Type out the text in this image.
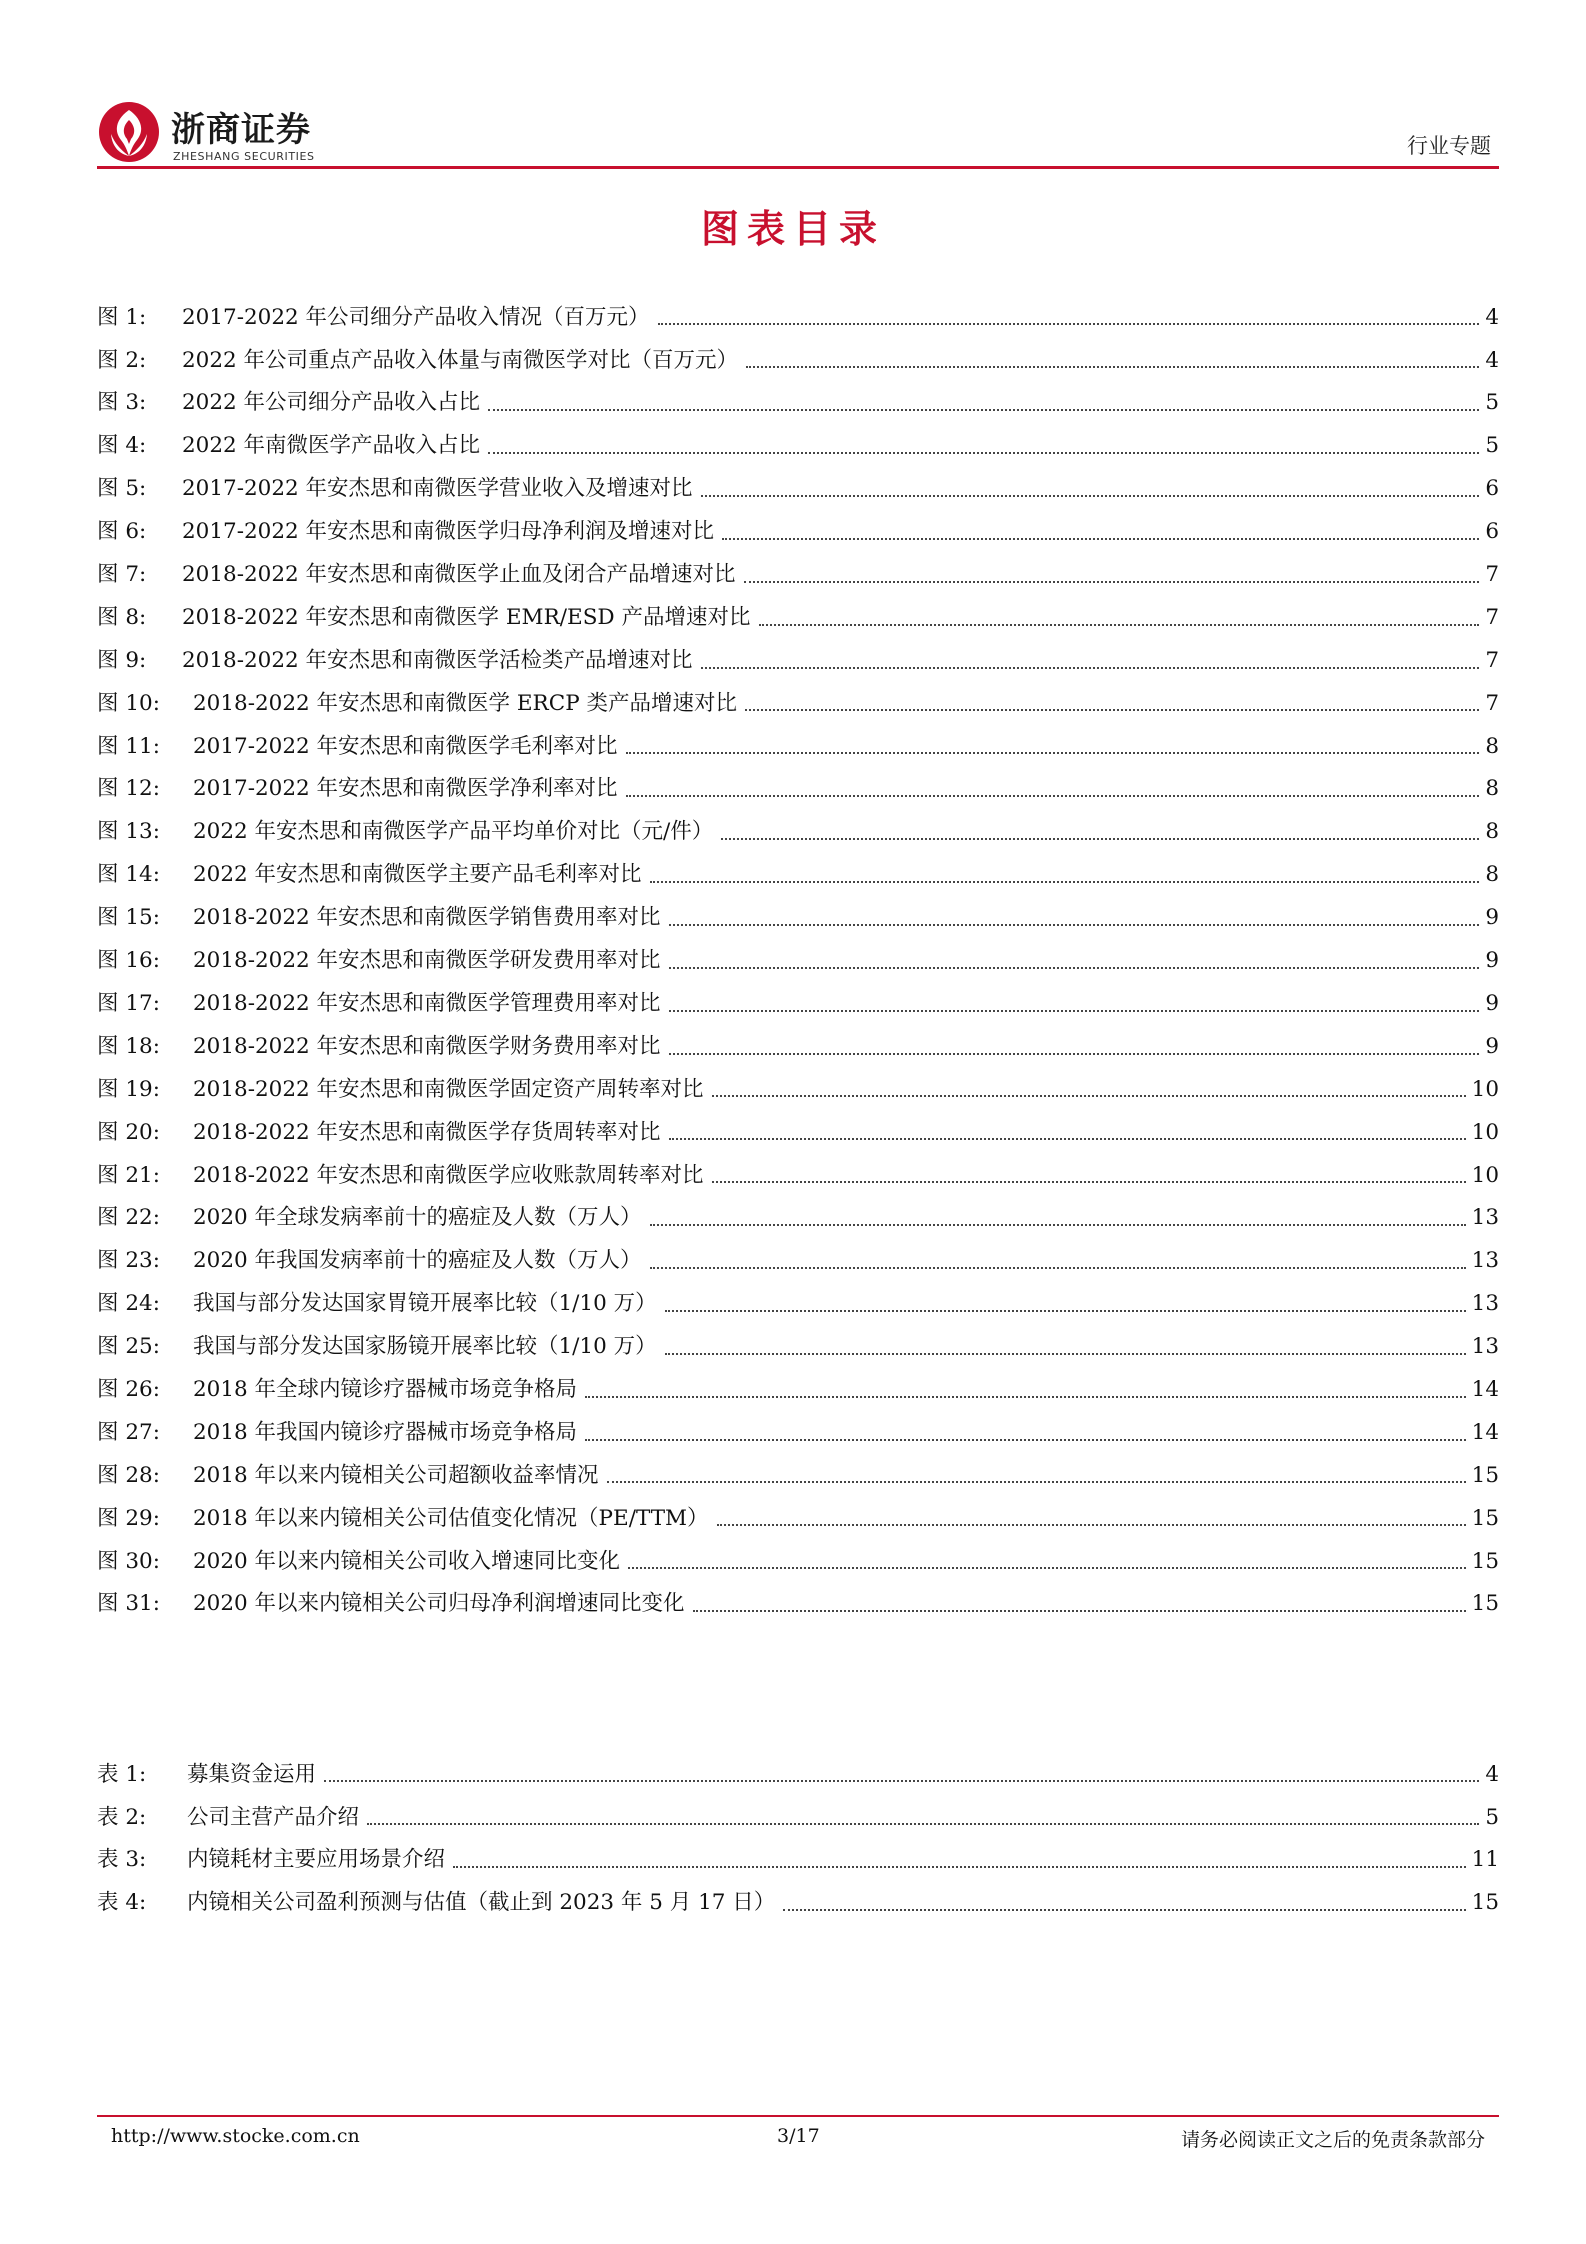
浙商证券
ZHESHANG SECURITIES	行业专题
图表目录
图 1:	2017-2022 年公司细分产品收入情况（百万元）	4
图 2:	2022 年公司重点产品收入体量与南微医学对比（百万元）	4
图 3:	2022 年公司细分产品收入占比	5
图 4:	2022 年南微医学产品收入占比	5
图 5:	2017-2022 年安杰思和南微医学营业收入及增速对比	6
图 6:	2017-2022 年安杰思和南微医学归母净利润及增速对比	6
图 7:	2018-2022 年安杰思和南微医学止血及闭合产品增速对比	7
图 8:	2018-2022 年安杰思和南微医学 EMR/ESD 产品增速对比	7
图 9:	2018-2022 年安杰思和南微医学活检类产品增速对比	7
图 10:	2018-2022 年安杰思和南微医学 ERCP 类产品增速对比	7
图 11:	2017-2022 年安杰思和南微医学毛利率对比	8
图 12:	2017-2022 年安杰思和南微医学净利率对比	8
图 13:	2022 年安杰思和南微医学产品平均单价对比（元/件）	8
图 14:	2022 年安杰思和南微医学主要产品毛利率对比	8
图 15:	2018-2022 年安杰思和南微医学销售费用率对比	9
图 16:	2018-2022 年安杰思和南微医学研发费用率对比	9
图 17:	2018-2022 年安杰思和南微医学管理费用率对比	9
图 18:	2018-2022 年安杰思和南微医学财务费用率对比	9
图 19:	2018-2022 年安杰思和南微医学固定资产周转率对比	10
图 20:	2018-2022 年安杰思和南微医学存货周转率对比	10
图 21:	2018-2022 年安杰思和南微医学应收账款周转率对比	10
图 22:	2020 年全球发病率前十的癌症及人数（万人）	13
图 23:	2020 年我国发病率前十的癌症及人数（万人）	13
图 24:	我国与部分发达国家胃镜开展率比较（1/10 万）	13
图 25:	我国与部分发达国家肠镜开展率比较（1/10 万）	13
图 26:	2018 年全球内镜诊疗器械市场竞争格局	14
图 27:	2018 年我国内镜诊疗器械市场竞争格局	14
图 28:	2018 年以来内镜相关公司超额收益率情况	15
图 29:	2018 年以来内镜相关公司估值变化情况（PE/TTM）	15
图 30:	2020 年以来内镜相关公司收入增速同比变化	15
图 31:	2020 年以来内镜相关公司归母净利润增速同比变化	15
表 1:	募集资金运用	4
表 2:	公司主营产品介绍	5
表 3:	内镜耗材主要应用场景介绍	11
表 4:	内镜相关公司盈利预测与估值（截止到 2023 年 5 月 17 日）	15
http://www.stocke.com.cn	3/17	请务必阅读正文之后的免责条款部分
